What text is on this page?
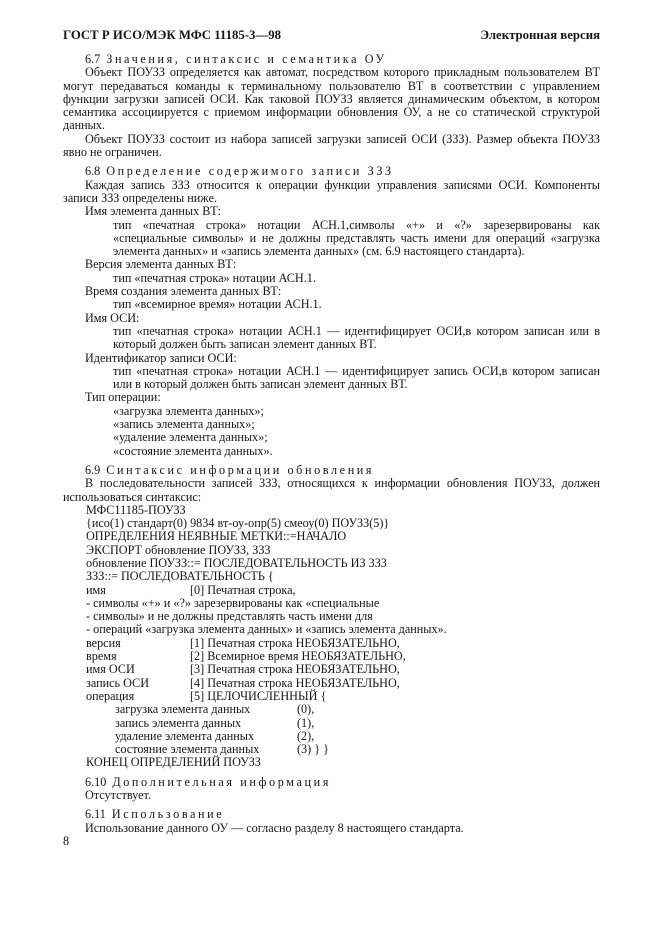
ГОСТ Р ИСО/МЭК МФС 11185-3—98	Электронная версия

6.7 Значения, синтаксис и семантика ОУ

Объект ПОУЗЗ определяется как автомат, посредством которого прикладным пользователем ВТ могут передаваться команды к терминальному пользователю ВТ в соответствии с управлением функции загрузки записей ОСИ. Как таковой ПОУЗЗ является динамическим объектом, в котором семантика ассоциируется с приемом информации обновления ОУ, а не со статической структурой данных.

Объект ПОУЗЗ состоит из набора записей загрузки записей ОСИ (ЗЗЗ). Размер объекта ПОУЗЗ явно не ограничен.

6.8 Определение содержимого записи ЗЗЗ

Каждая запись ЗЗЗ относится к операции функции управления записями ОСИ. Компоненты записи ЗЗЗ определены ниже.

Имя элемента данных ВТ:

тип «печатная строка» нотации АСН.1,символы «+» и «?» зарезервированы как «специальные символы» и не должны представлять часть имени для операций «загрузка элемента данных» и «запись элемента данных» (см. 6.9 настоящего стандарта).

Версия элемента данных ВТ:

тип «печатная строка» нотации АСН.1.

Время создания элемента данных ВТ:

тип «всемирное время» нотации АСН.1.

Имя ОСИ:

тип «печатная строка» нотации АСН.1 — идентифицирует ОСИ,в котором записан или в который должен быть записан элемент данных ВТ.

Идентификатор записи ОСИ:

тип «печатная строка» нотации АСН.1 — идентифицирует запись ОСИ,в котором записан или в который должен быть записан элемент данных ВТ.

Тип операции:

«загрузка элемента данных»;

«запись элемента данных»;

«удаление элемента данных»;

«состояние элемента данных».

6.9 Синтаксис информации обновления

В последовательности записей ЗЗЗ, относящихся к информации обновления ПОУЗЗ, должен использоваться синтаксис:

МФС11185-ПОУЗЗ

{исо(1) стандарт(0) 9834 вт-оу-опр(5) смеоу(0) ПОУЗЗ(5)}

ОПРЕДЕЛЕНИЯ НЕЯВНЫЕ МЕТКИ::=НАЧАЛО

ЭКСПОРТ обновление ПОУЗЗ, ЗЗЗ

обновление ПОУЗЗ::= ПОСЛЕДОВАТЕЛЬНОСТЬ ИЗ ЗЗЗ

ЗЗЗ::= ПОСЛЕДОВАТЕЛЬНОСТЬ {

имя	[0] Печатная строка,

- символы «+» и «?» зарезервированы как «специальные

- символы» и не должны представлять часть имени для

- операций «загрузка элемента данных» и «запись элемента данных».

версия	[1] Печатная строка НЕОБЯЗАТЕЛЬНО,

время	[2] Всемирное время НЕОБЯЗАТЕЛЬНО,

имя ОСИ	[3] Печатная строка НЕОБЯЗАТЕЛЬНО,

запись ОСИ	[4] Печатная строка НЕОБЯЗАТЕЛЬНО,

операция	[5] ЦЕЛОЧИСЛЕННЫЙ {

загрузка элемента данных	(0),

запись элемента данных	(1),

удаление элемента данных	(2),

состояние элемента данных	(3) } }

КОНЕЦ ОПРЕДЕЛЕНИЙ ПОУЗЗ

6.10 Дополнительная информация

Отсутствует.

6.11 Использование

Использование данного ОУ — согласно разделу 8 настоящего стандарта.

8
